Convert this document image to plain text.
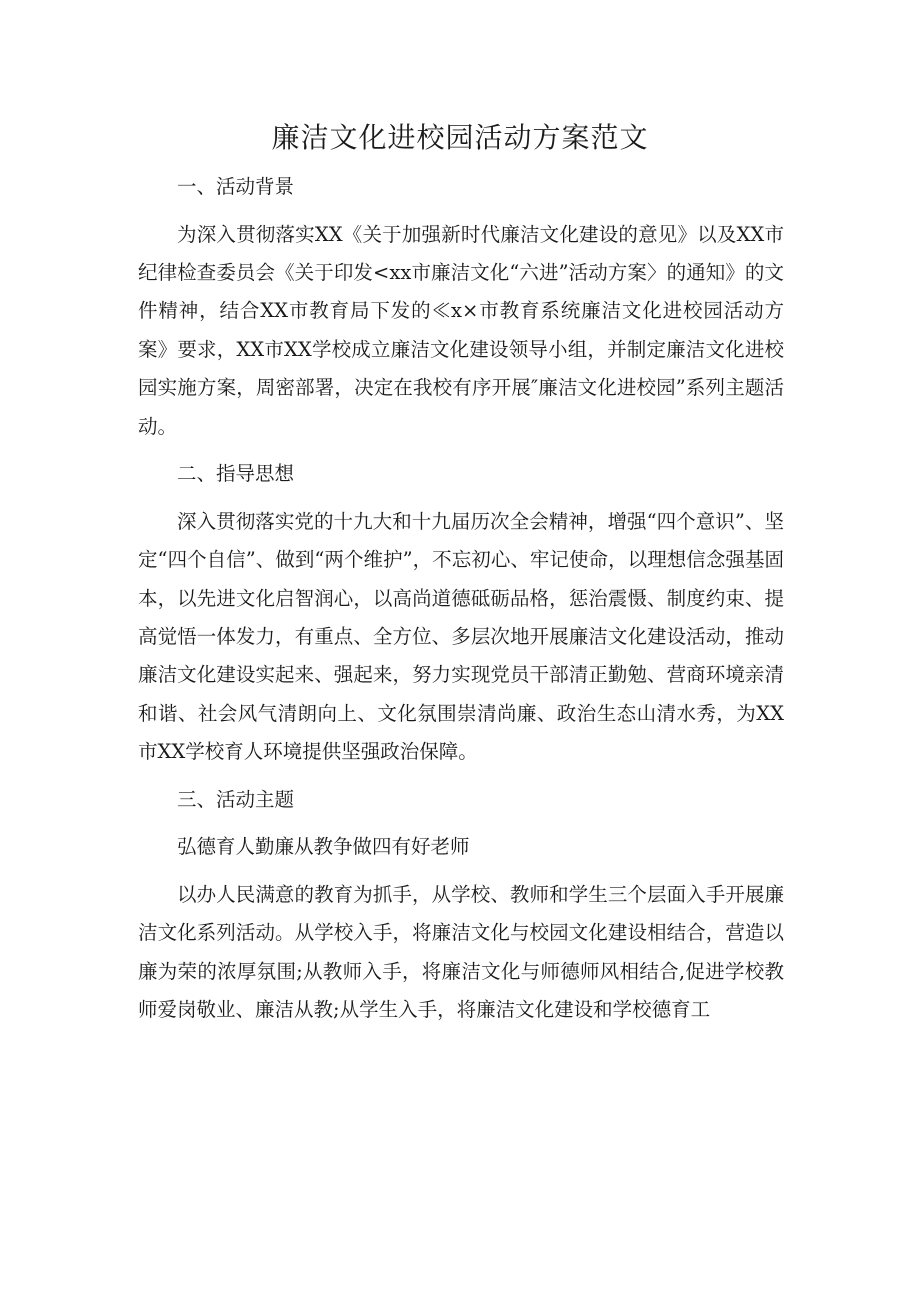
廉洁文化进校园活动方案范文

一、活动背景

为深入贯彻落实XX《关于加强新时代廉洁文化建设的意见》以及XX市纪律检查委员会《关于印发<xx市廉洁文化“六进”活动方案〉的通知》的文件精神，结合XX市教育局下发的≪x×市教育系统廉洁文化进校园活动方案》要求，XX市XX学校成立廉洁文化建设领导小组，并制定廉洁文化进校园实施方案，周密部署，决定在我校有序开展″廉洁文化进校园”系列主题活动。

二、指导思想

深入贯彻落实党的十九大和十九届历次全会精神，增强“四个意识”、坚定“四个自信”、做到“两个维护”，不忘初心、牢记使命，以理想信念强基固本，以先进文化启智润心，以高尚道德砥砺品格，惩治震慑、制度约束、提高觉悟一体发力，有重点、全方位、多层次地开展廉洁文化建设活动，推动廉洁文化建设实起来、强起来，努力实现党员干部清正勤勉、营商环境亲清和谐、社会风气清朗向上、文化氛围崇清尚廉、政治生态山清水秀，为XX市XX学校育人环境提供坚强政治保障。

三、活动主题

弘德育人勤廉从教争做四有好老师

以办人民满意的教育为抓手，从学校、教师和学生三个层面入手开展廉洁文化系列活动。从学校入手，将廉洁文化与校园文化建设相结合，营造以廉为荣的浓厚氛围;从教师入手，将廉洁文化与师德师风相结合,促进学校教师爱岗敬业、廉洁从教;从学生入手，将廉洁文化建设和学校德育工
